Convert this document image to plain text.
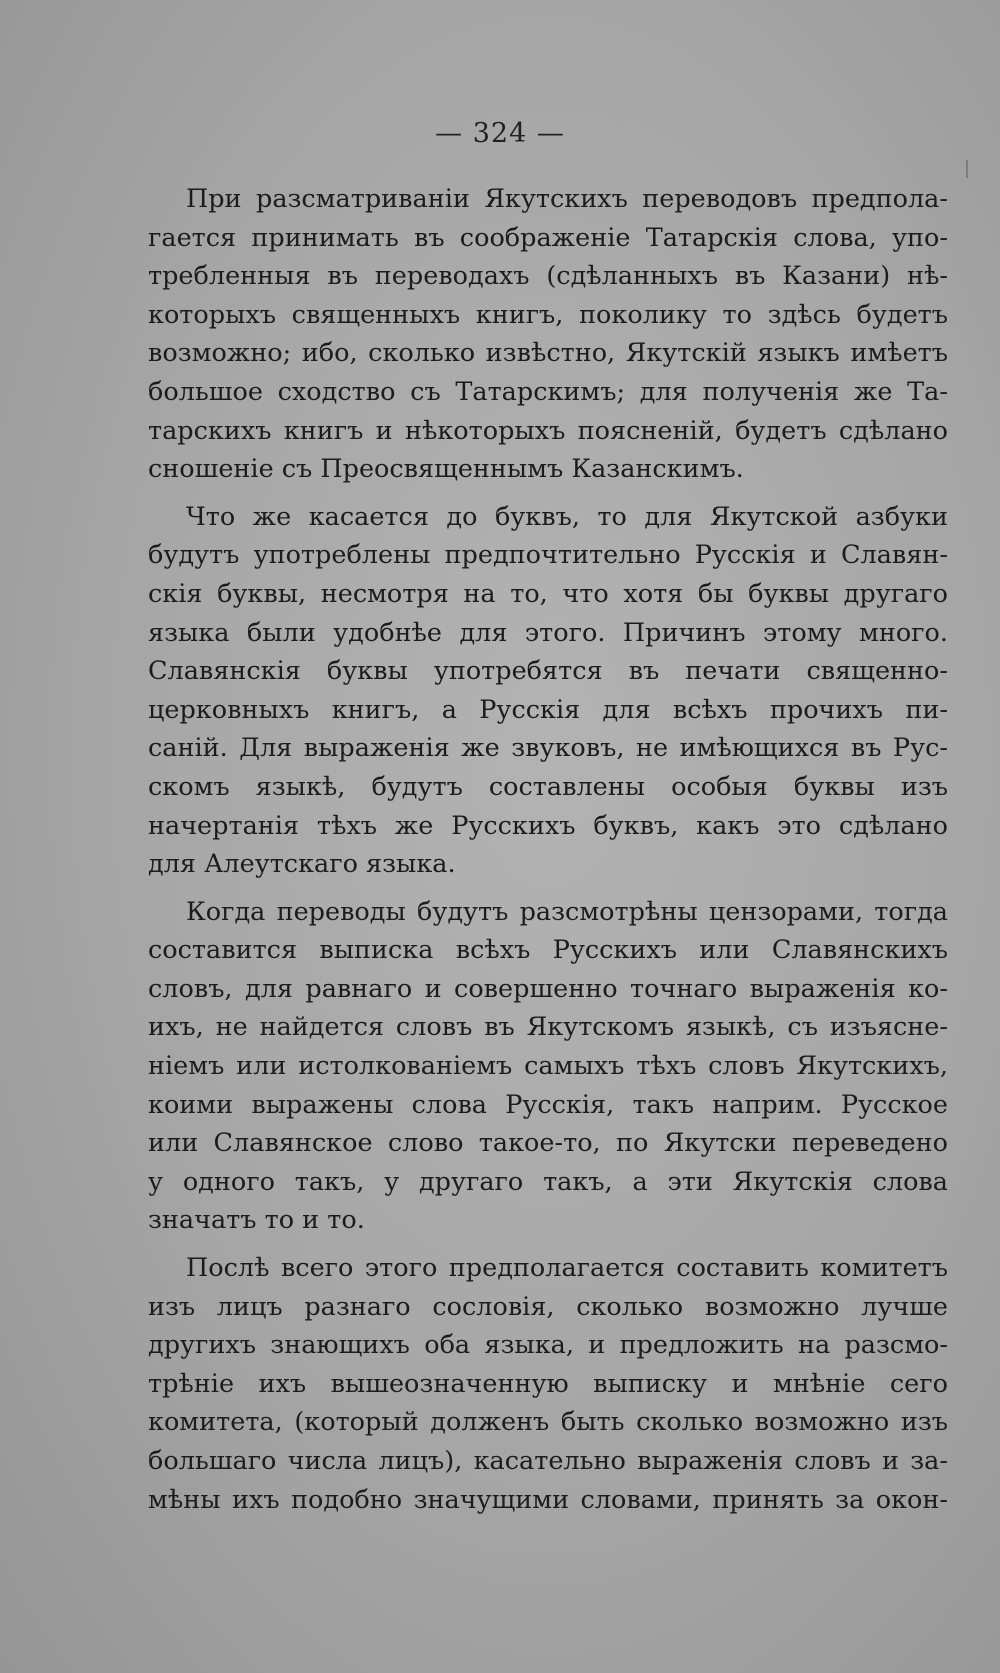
— 324 —
При разсматриванiи Якутскихъ переводовъ предпола-
гается принимать въ соображенiе Татарскiя слова, упо-
требленныя въ переводахъ (сдѣланныхъ въ Казани) нѣ-
которыхъ священныхъ книгъ, поколику то здѣсь будетъ
возможно; ибо, сколько извѣстно, Якутскiй языкъ имѣетъ
большое сходство съ Татарскимъ; для полученiя же Та-
тарскихъ книгъ и нѣкоторыхъ поясненiй, будетъ сдѣлано
сношенiе съ Преосвященнымъ Казанскимъ.
Что же касается до буквъ, то для Якутской азбуки
будутъ употреблены предпочтительно Русскiя и Славян-
скiя буквы, несмотря на то, что хотя бы буквы другаго
языка были удобнѣе для этого. Причинъ этому много.
Славянскiя буквы употребятся въ печати священно-
церковныхъ книгъ, а Русскiя для всѣхъ прочихъ пи-
санiй. Для выраженiя же звуковъ, не имѣющихся въ Рус-
скомъ языкѣ, будутъ составлены особыя буквы изъ
начертанiя тѣхъ же Русскихъ буквъ, какъ это сдѣлано
для Алеутскаго языка.
Когда переводы будутъ разсмотрѣны цензорами, тогда
составится выписка всѣхъ Русскихъ или Славянскихъ
словъ, для равнаго и совершенно точнаго выраженiя ко-
ихъ, не найдется словъ въ Якутскомъ языкѣ, съ изъясне-
нiемъ или истолкованiемъ самыхъ тѣхъ словъ Якутскихъ,
коими выражены слова Русскiя, такъ наприм. Русское
или Славянское слово такое-то, по Якутски переведено
у одного такъ, у другаго такъ, а эти Якутскiя слова
значатъ то и то.
Послѣ всего этого предполагается составить комитетъ
изъ лицъ разнаго сословiя, сколько возможно лучше
другихъ знающихъ оба языка, и предложить на разсмо-
трѣнiе ихъ вышеозначенную выписку и мнѣнiе сего
комитета, (который долженъ быть сколько возможно изъ
большаго числа лицъ), касательно выраженiя словъ и за-
мѣны ихъ подобно значущими словами, принять за окон-
